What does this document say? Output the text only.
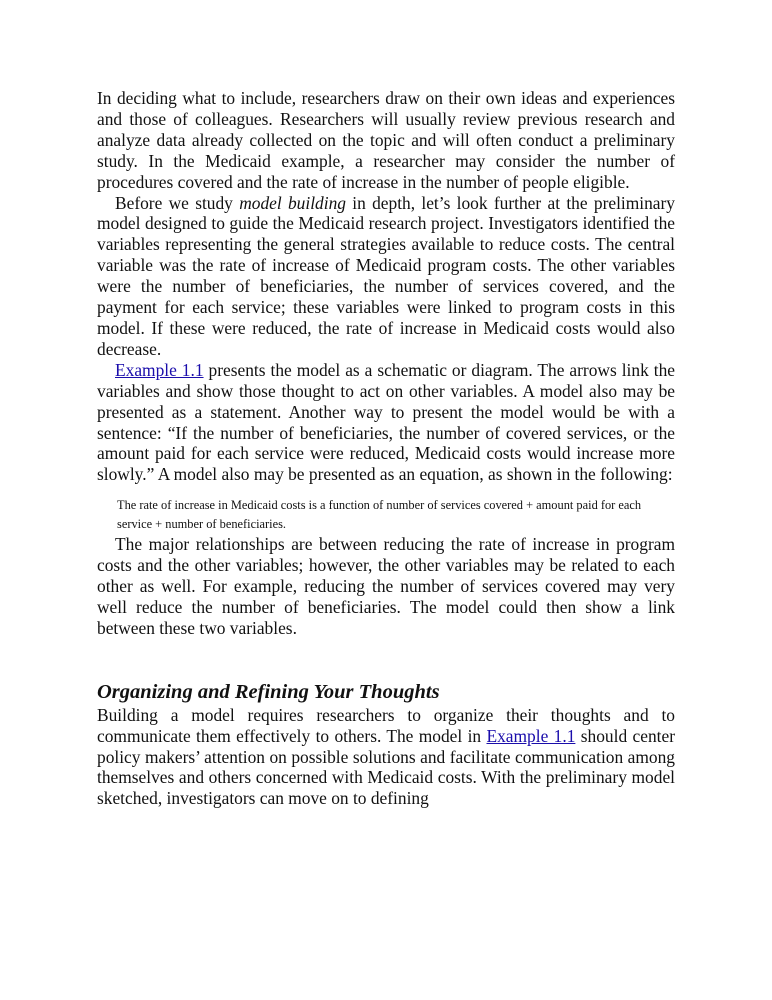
In deciding what to include, researchers draw on their own ideas and experiences and those of colleagues. Researchers will usually review previous research and analyze data already collected on the topic and will often conduct a preliminary study. In the Medicaid example, a researcher may consider the number of procedures covered and the rate of increase in the number of people eligible.

Before we study model building in depth, let’s look further at the preliminary model designed to guide the Medicaid research project. Investigators identified the variables representing the general strategies available to reduce costs. The central variable was the rate of increase of Medicaid program costs. The other variables were the number of beneficiaries, the number of services covered, and the payment for each service; these variables were linked to program costs in this model. If these were reduced, the rate of increase in Medicaid costs would also decrease.

Example 1.1 presents the model as a schematic or diagram. The arrows link the variables and show those thought to act on other variables. A model also may be presented as a statement. Another way to present the model would be with a sentence: “If the number of beneficiaries, the number of covered services, or the amount paid for each service were reduced, Medicaid costs would increase more slowly.” A model also may be presented as an equation, as shown in the following:

The rate of increase in Medicaid costs is a function of number of services covered + amount paid for each service + number of beneficiaries.

The major relationships are between reducing the rate of increase in program costs and the other variables; however, the other variables may be related to each other as well. For example, reducing the number of services covered may very well reduce the number of beneficiaries. The model could then show a link between these two variables.

Organizing and Refining Your Thoughts

Building a model requires researchers to organize their thoughts and to communicate them effectively to others. The model in Example 1.1 should center policy makers’ attention on possible solutions and facilitate communication among themselves and others concerned with Medicaid costs. With the preliminary model sketched, investigators can move on to defining
